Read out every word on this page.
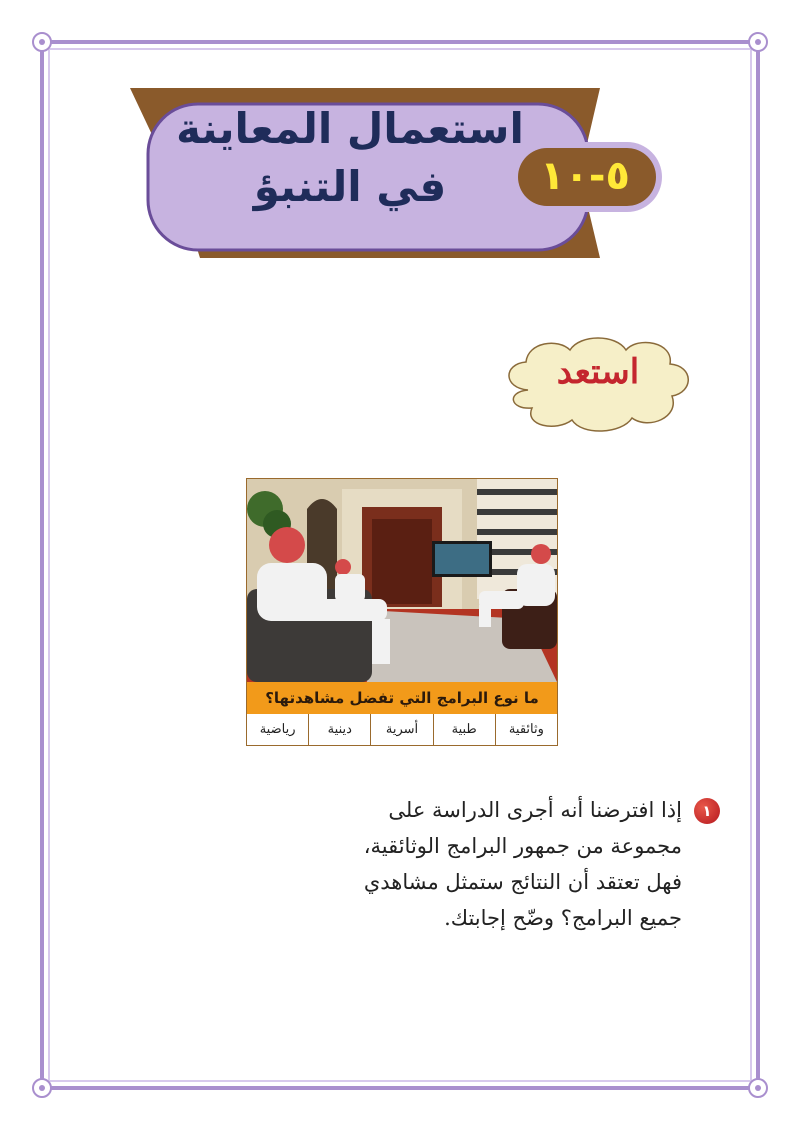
استعمال المعاينة
في التنبؤ	٥-١٠
استعد
ما نوع البرامج التي تفضل مشاهدتها؟
وثائقية
طبية
أسرية
دينية
رياضية
١
إذا افترضنا أنه أجرى الدراسة على مجموعة من جمهور البرامج الوثائقية، فهل تعتقد أن النتائج ستمثل مشاهدي جميع البرامج؟ وضّح إجابتك.
